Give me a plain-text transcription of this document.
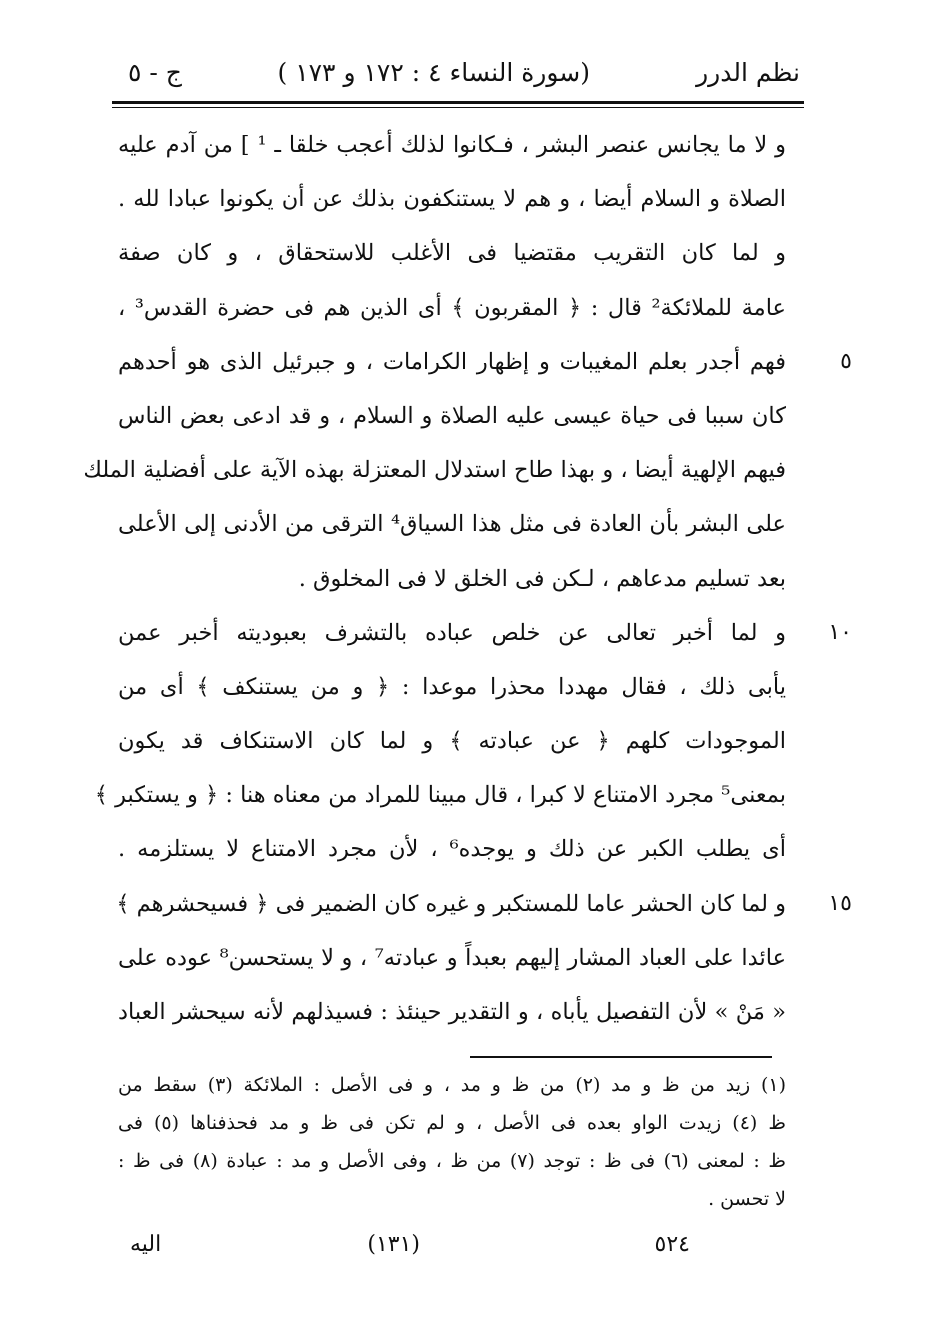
نظم الدرر
(سورة النساء ٤ : ١٧٢ و ١٧٣ )
ج - ٥
و لا ما يجانس عنصر البشر ، فـكانوا لذلك أعجب خلقا ـ ¹ ] من آدم عليه
الصلاة و السلام أيضا ، و هم لا يستنكفون بذلك عن أن يكونوا عبادا لله .
و لما كان التقريب مقتضيا فى الأغلب للاستحقاق ، و كان صفة
عامة للملائكة² قال : ﴿ المقربون ﴾ أى الذين هم فى حضرة القدس³ ،
فهم أجدر بعلم المغيبات و إظهار الكرامات ، و جبرئيل الذى هو أحدهم	٥
كان سببا فى حياة عيسى عليه الصلاة و السلام ، و قد ادعى بعض الناس
فيهم الإلهية أيضا ، و بهذا طاح استدلال المعتزلة بهذه الآية على أفضلية الملك
على البشر بأن العادة فى مثل هذا السياق⁴ الترقى من الأدنى إلى الأعلى
بعد تسليم مدعاهم ، لـكن فى الخلق لا فى المخلوق .
و لما أخبر تعالى عن خلص عباده بالتشرف بعبوديته أخبر عمن	١٠
يأبى ذلك ، فقال مهددا محذرا موعدا : ﴿ و من يستنكف ﴾ أى من
الموجودات كلهم ﴿ عن عبادته ﴾ و لما كان الاستنكاف قد يكون
بمعنى⁵ مجرد الامتناع لا كبرا ، قال مبينا للمراد من معناه هنا : ﴿ و يستكبر ﴾
أى يطلب الكبر عن ذلك و يوجده⁶ ، لأن مجرد الامتناع لا يستلزمه .
و لما كان الحشر عاما للمستكبر و غيره كان الضمير فى ﴿ فسيحشرهم ﴾	١٥
عائدا على العباد المشار إليهم بعبداً و عبادته⁷ ، و لا يستحسن⁸ عوده على
« مَنْ » لأن التفصيل يأباه ، و التقدير حينئذ : فسيذلهم لأنه سيحشر العباد
(١) زيد من ظ و مد (٢) من ظ و مد ، و فى الأصل : الملائكة (٣) سقط من
ظ (٤) زيدت الواو بعده فى الأصل ، و لم تكن فى ظ و مد فحذفناها (٥) فى
ظ : لمعنى (٦) فى ظ : توجد (٧) من ظ ، وفى الأصل و مد : عبادة (٨) فى ظ :
لا تحسن .
٥٢٤
(١٣١)
اليه
